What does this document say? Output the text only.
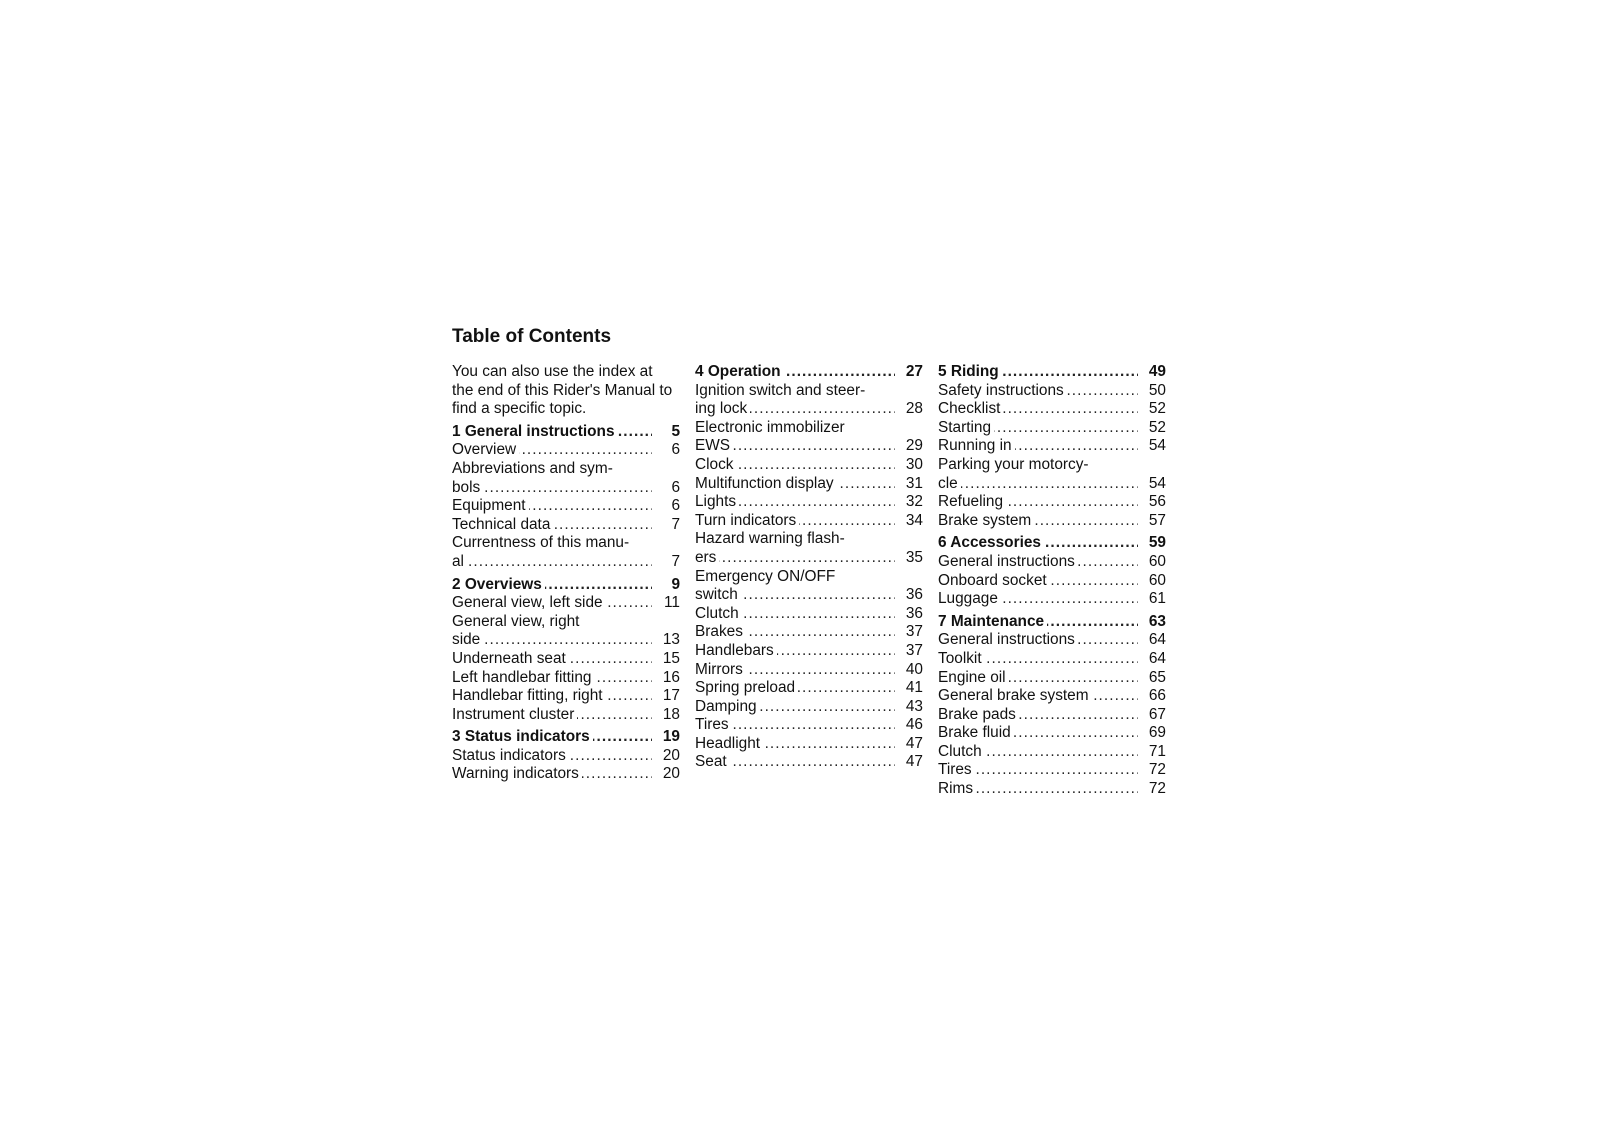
Table of Contents
You can also use the index at the end of this Rider's Manual to find a specific topic.
1 General instructions . . .	5
Overview . . .	6
Abbreviations and sym-
bols . . .	6
Equipment . . .	6
Technical data . . .	7
Currentness of this manu-
al . . .	7
2 Overviews . . .	9
General view, left side . . .	11
General view, right
side . . .	13
Underneath seat . . .	15
Left handlebar fitting . . .	16
Handlebar fitting, right . . .	17
Instrument cluster . . .	18
3 Status indicators . . .	19
Status indicators . . .	20
Warning indicators . . .	20
4 Operation . . .	27
Ignition switch and steer-
ing lock . . .	28
Electronic immobilizer
EWS . . .	29
Clock . . .	30
Multifunction display . . .	31
Lights . . .	32
Turn indicators . . .	34
Hazard warning flash-
ers . . .	35
Emergency ON/OFF
switch . . .	36
Clutch . . .	36
Brakes . . .	37
Handlebars . . .	37
Mirrors . . .	40
Spring preload . . .	41
Damping . . .	43
Tires . . .	46
Headlight . . .	47
Seat . . .	47
5 Riding . . .	49
Safety instructions . . .	50
Checklist . . .	52
Starting . . .	52
Running in . . .	54
Parking your motorcy-
cle . . .	54
Refueling . . .	56
Brake system . . .	57
6 Accessories . . .	59
General instructions . . .	60
Onboard socket . . .	60
Luggage . . .	61
7 Maintenance . . .	63
General instructions . . .	64
Toolkit . . .	64
Engine oil . . .	65
General brake system . . .	66
Brake pads . . .	67
Brake fluid . . .	69
Clutch . . .	71
Tires . . .	72
Rims . . .	72
